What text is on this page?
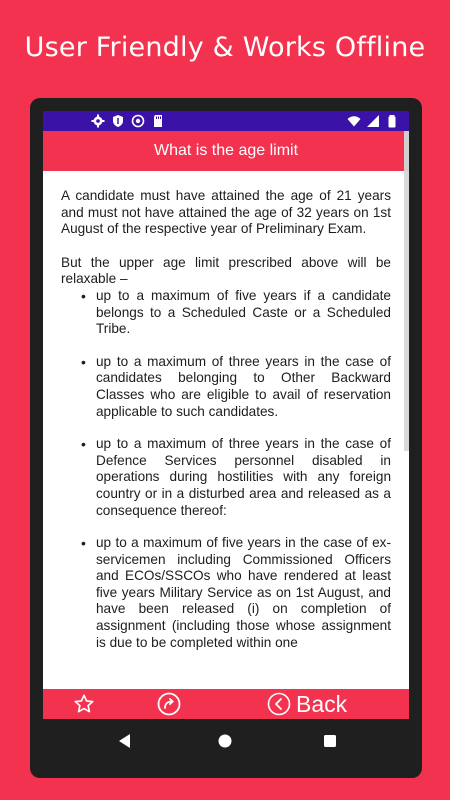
User Friendly & Works Offline
What is the age limit

A candidate must have attained the age of 21 years and must not have attained the age of 32 years on 1st August of the respective year of Preliminary Exam.

But the upper age limit prescribed above will be relaxable –

• up to a maximum of five years if a candidate belongs to a Scheduled Caste or a Scheduled Tribe.
• up to a maximum of three years in the case of candidates belonging to Other Backward Classes who are eligible to avail of reservation applicable to such candidates.
• up to a maximum of three years in the case of Defence Services personnel disabled in operations during hostilities with any foreign country or in a disturbed area and released as a consequence thereof:
• up to a maximum of five years in the case of ex-servicemen including Commissioned Officers and ECOs/SSCOs who have rendered at least five years Military Service as on 1st August, and have been released (i) on completion of assignment (including those whose assignment is due to be completed within one
Back
